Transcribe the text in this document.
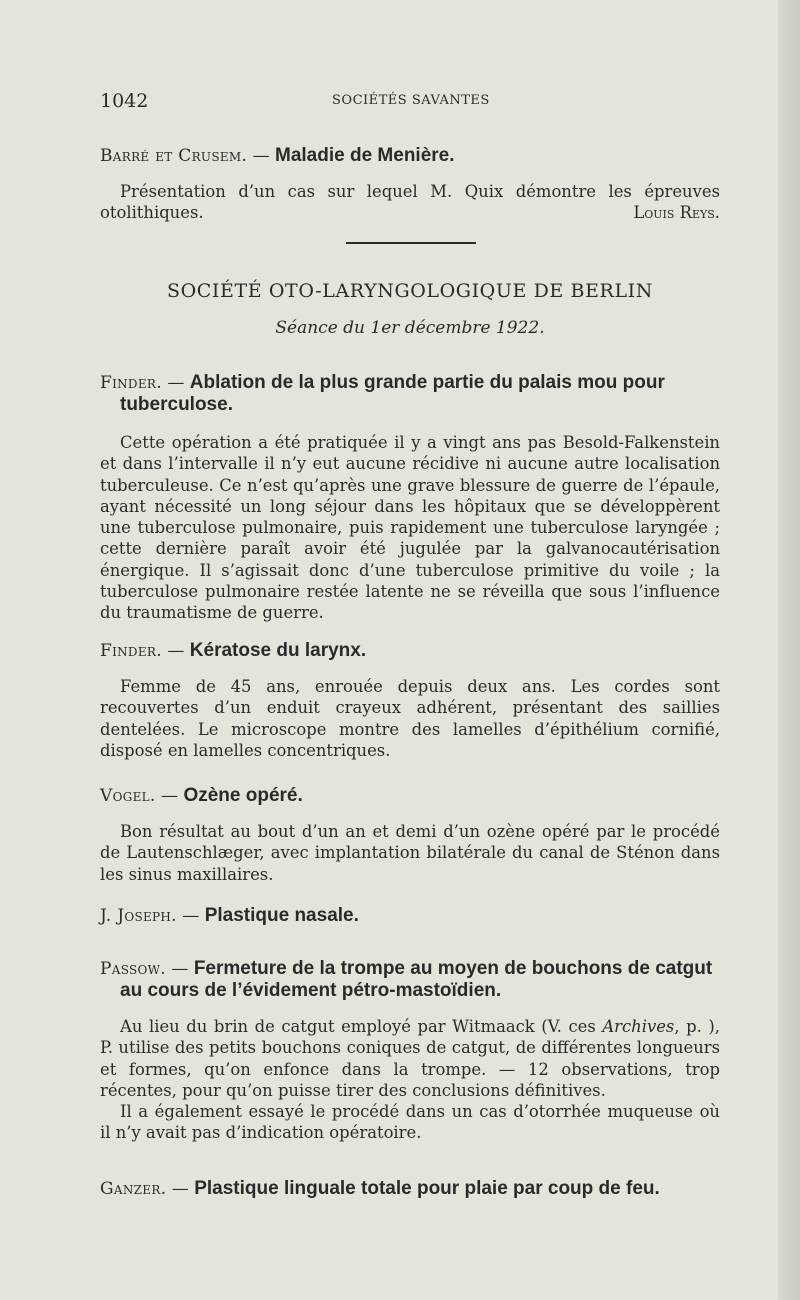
1042	SOCIÉTÉS SAVANTES
Barré et Crusem. — Maladie de Menière.

Présentation d’un cas sur lequel M. Quix démontre les épreuves otolithiques.	Louis Reys.
SOCIÉTÉ OTO-LARYNGOLOGIQUE DE BERLIN
Séance du 1er décembre 1922.
Finder. — Ablation de la plus grande partie du palais mou pour tuberculose.

Cette opération a été pratiquée il y a vingt ans pas Besold-Falkenstein et dans l’intervalle il n’y eut aucune récidive ni aucune autre localisation tuberculeuse. Ce n’est qu’après une grave blessure de guerre de l’épaule, ayant nécessité un long séjour dans les hôpitaux que se développèrent une tuberculose pulmonaire, puis rapidement une tuberculose laryngée ; cette dernière paraît avoir été jugulée par la galvanocautérisation énergique. Il s’agissait donc d’une tuberculose primitive du voile ; la tuberculose pulmonaire restée latente ne se réveilla que sous l’influence du traumatisme de guerre.

Finder. — Kératose du larynx.

Femme de 45 ans, enrouée depuis deux ans. Les cordes sont recouvertes d’un enduit crayeux adhérent, présentant des saillies dentelées. Le microscope montre des lamelles d’épithélium cornifié, disposé en lamelles concentriques.

Vogel. — Ozène opéré.

Bon résultat au bout d’un an et demi d’un ozène opéré par le procédé de Lautenschlæger, avec implantation bilatérale du canal de Sténon dans les sinus maxillaires.

J. Joseph. — Plastique nasale.
Passow. — Fermeture de la trompe au moyen de bouchons de catgut au cours de l’évidement pétro-mastoïdien.

Au lieu du brin de catgut employé par Witmaack (V. ces Archives, p. ), P. utilise des petits bouchons coniques de catgut, de différentes longueurs et formes, qu’on enfonce dans la trompe. — 12 observations, trop récentes, pour qu’on puisse tirer des conclusions définitives.

Il a également essayé le procédé dans un cas d’otorrhée muqueuse où il n’y avait pas d’indication opératoire.

Ganzer. — Plastique linguale totale pour plaie par coup de feu.
